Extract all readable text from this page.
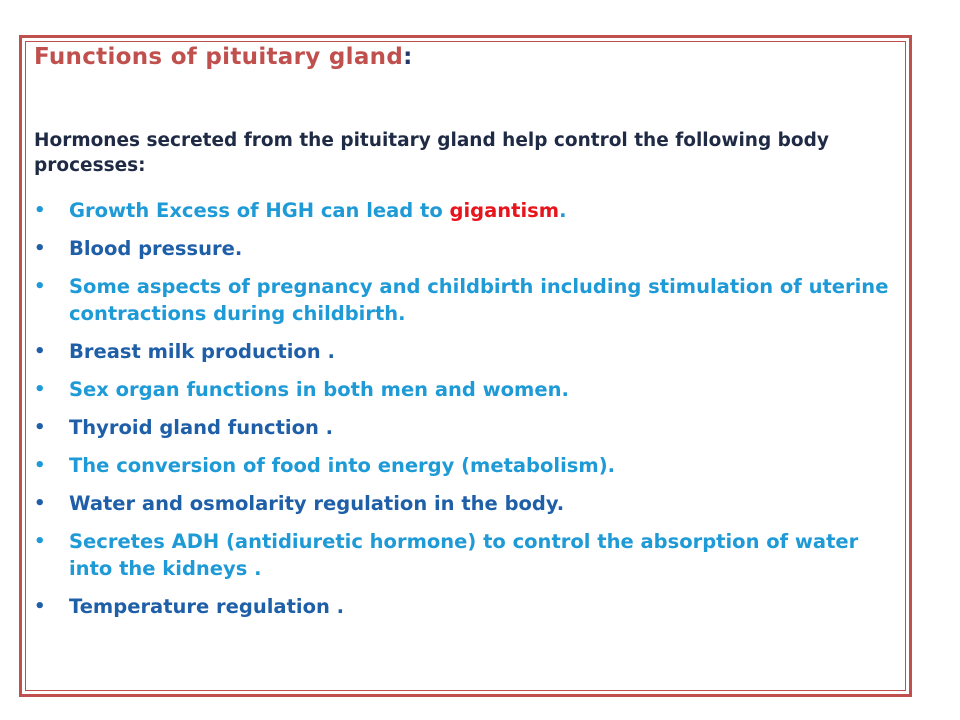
Functions of pituitary gland:

Hormones secreted from the pituitary gland help control the following body processes:

• Growth Excess of HGH can lead to gigantism.
• Blood pressure.
• Some aspects of pregnancy and childbirth including stimulation of uterine contractions during childbirth.
• Breast milk production .
• Sex organ functions in both men and women.
• Thyroid gland function .
• The conversion of food into energy (metabolism).
• Water and osmolarity regulation in the body.
• Secretes ADH (antidiuretic hormone) to control the absorption of water into the kidneys .
• Temperature regulation .
